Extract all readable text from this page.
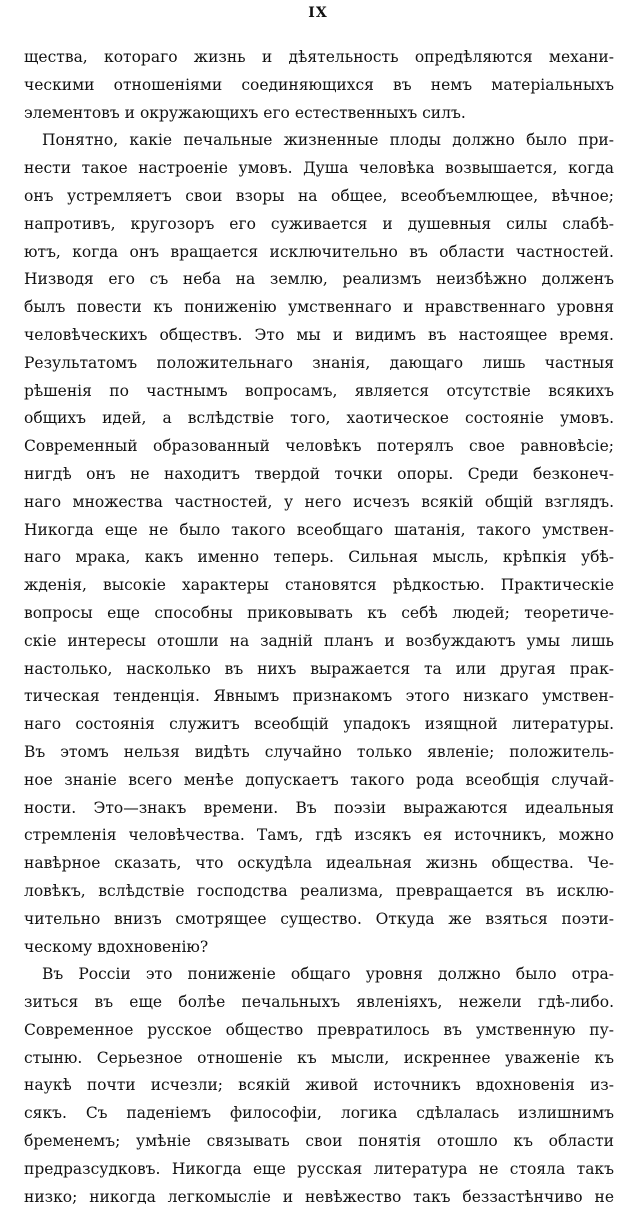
IX
щества, котораго жизнь и дѣятельность опредѣляются механи-
ческими отношеніями соединяющихся въ немъ матеріальныхъ
элементовъ и окружающихъ его естественныхъ силъ.
Понятно, какіе печальные жизненные плоды должно было при-
нести такое настроеніе умовъ. Душа человѣка возвышается, когда
онъ устремляетъ свои взоры на общее, всеобъемлющее, вѣчное;
напротивъ, кругозоръ его суживается и душевныя силы слабѣ-
ютъ, когда онъ вращается исключительно въ области частностей.
Низводя его съ неба на землю, реализмъ неизбѣжно долженъ
былъ повести къ пониженію умственнаго и нравственнаго уровня
человѣческихъ обществъ. Это мы и видимъ въ настоящее время.
Результатомъ положительнаго знанія, дающаго лишь частныя
рѣшенія по частнымъ вопросамъ, является отсутствіе всякихъ
общихъ идей, а вслѣдствіе того, хаотическое состояніе умовъ.
Современный образованный человѣкъ потерялъ свое равновѣсіе;
нигдѣ онъ не находитъ твердой точки опоры. Среди безконеч-
наго множества частностей, у него исчезъ всякій общій взглядъ.
Никогда еще не было такого всеобщаго шатанія, такого умствен-
наго мрака, какъ именно теперь. Сильная мысль, крѣпкія убѣ-
жденія, высокіе характеры становятся рѣдкостью. Практическіе
вопросы еще способны приковывать къ себѣ людей; теоретиче-
скіе интересы отошли на задній планъ и возбуждаютъ умы лишь
настолько, насколько въ нихъ выражается та или другая прак-
тическая тенденція. Явнымъ признакомъ этого низкаго умствен-
наго состоянія служитъ всеобщій упадокъ изящной литературы.
Въ этомъ нельзя видѣть случайно только явленіе; положитель-
ное знаніе всего менѣе допускаетъ такого рода всеобщія случай-
ности. Это—знакъ времени. Въ поэзіи выражаются идеальныя
стремленія человѣчества. Тамъ, гдѣ изсякъ ея источникъ, можно
навѣрное сказать, что оскудѣла идеальная жизнь общества. Че-
ловѣкъ, вслѣдствіе господства реализма, превращается въ исклю-
чительно внизъ смотрящее существо. Откуда же взяться поэти-
ческому вдохновенію?
Въ Россіи это пониженіе общаго уровня должно было отра-
зиться въ еще болѣе печальныхъ явленіяхъ, нежели гдѣ-либо.
Современное русское общество превратилось въ умственную пу-
стыню. Серьезное отношеніе къ мысли, искреннее уваженіе къ
наукѣ почти исчезли; всякій живой источникъ вдохновенія из-
сякъ. Съ паденіемъ философіи, логика сдѣлалась излишнимъ
бременемъ; умѣніе связывать свои понятія отошло къ области
предразсудковъ. Никогда еще русская литература не стояла такъ
низко; никогда легкомысліе и невѣжество такъ беззастѣнчиво не
